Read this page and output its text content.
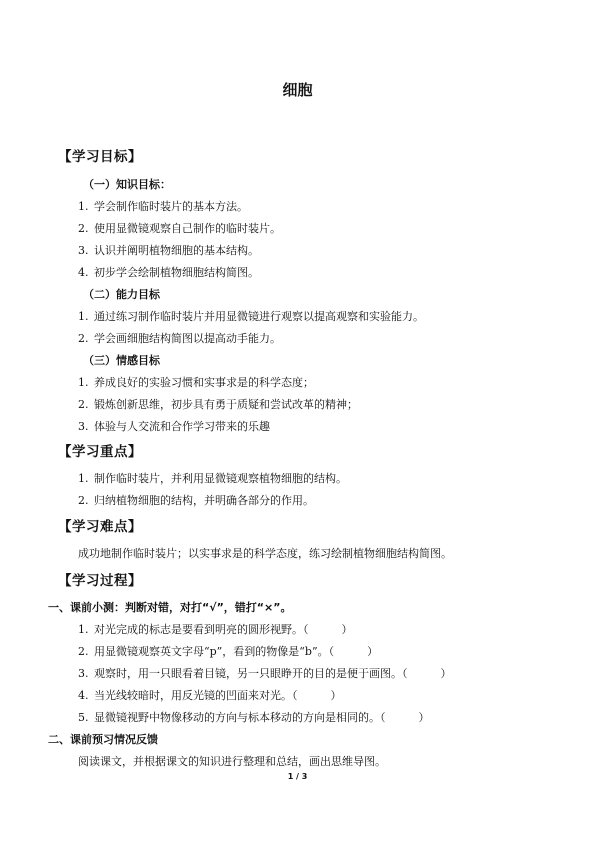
细胞
【学习目标】
（一）知识目标：
1. 学会制作临时装片的基本方法。
2. 使用显微镜观察自己制作的临时装片。
3. 认识并阐明植物细胞的基本结构。
4. 初步学会绘制植物细胞结构简图。
（二）能力目标
1. 通过练习制作临时装片并用显微镜进行观察以提高观察和实验能力。
2. 学会画细胞结构简图以提高动手能力。
（三）情感目标
1. 养成良好的实验习惯和实事求是的科学态度；
2. 锻炼创新思维，初步具有勇于质疑和尝试改革的精神；
3. 体验与人交流和合作学习带来的乐趣
【学习重点】
1. 制作临时装片，并利用显微镜观察植物细胞的结构。
2. 归纳植物细胞的结构，并明确各部分的作用。
【学习难点】
成功地制作临时装片；以实事求是的科学态度，练习绘制植物细胞结构简图。
【学习过程】
一、课前小测：判断对错，对打“√”，错打“×”。
1. 对光完成的标志是要看到明亮的圆形视野。（　　　）
2. 用显微镜观察英文字母“p”，看到的物像是“b”。（　　　）
3. 观察时，用一只眼看着目镜，另一只眼睁开的目的是便于画图。（　　　）
4. 当光线较暗时，用反光镜的凹面来对光。（　　　）
5. 显微镜视野中物像移动的方向与标本移动的方向是相同的。（　　　）
二、课前预习情况反馈
阅读课文，并根据课文的知识进行整理和总结，画出思维导图。
1 / 3
